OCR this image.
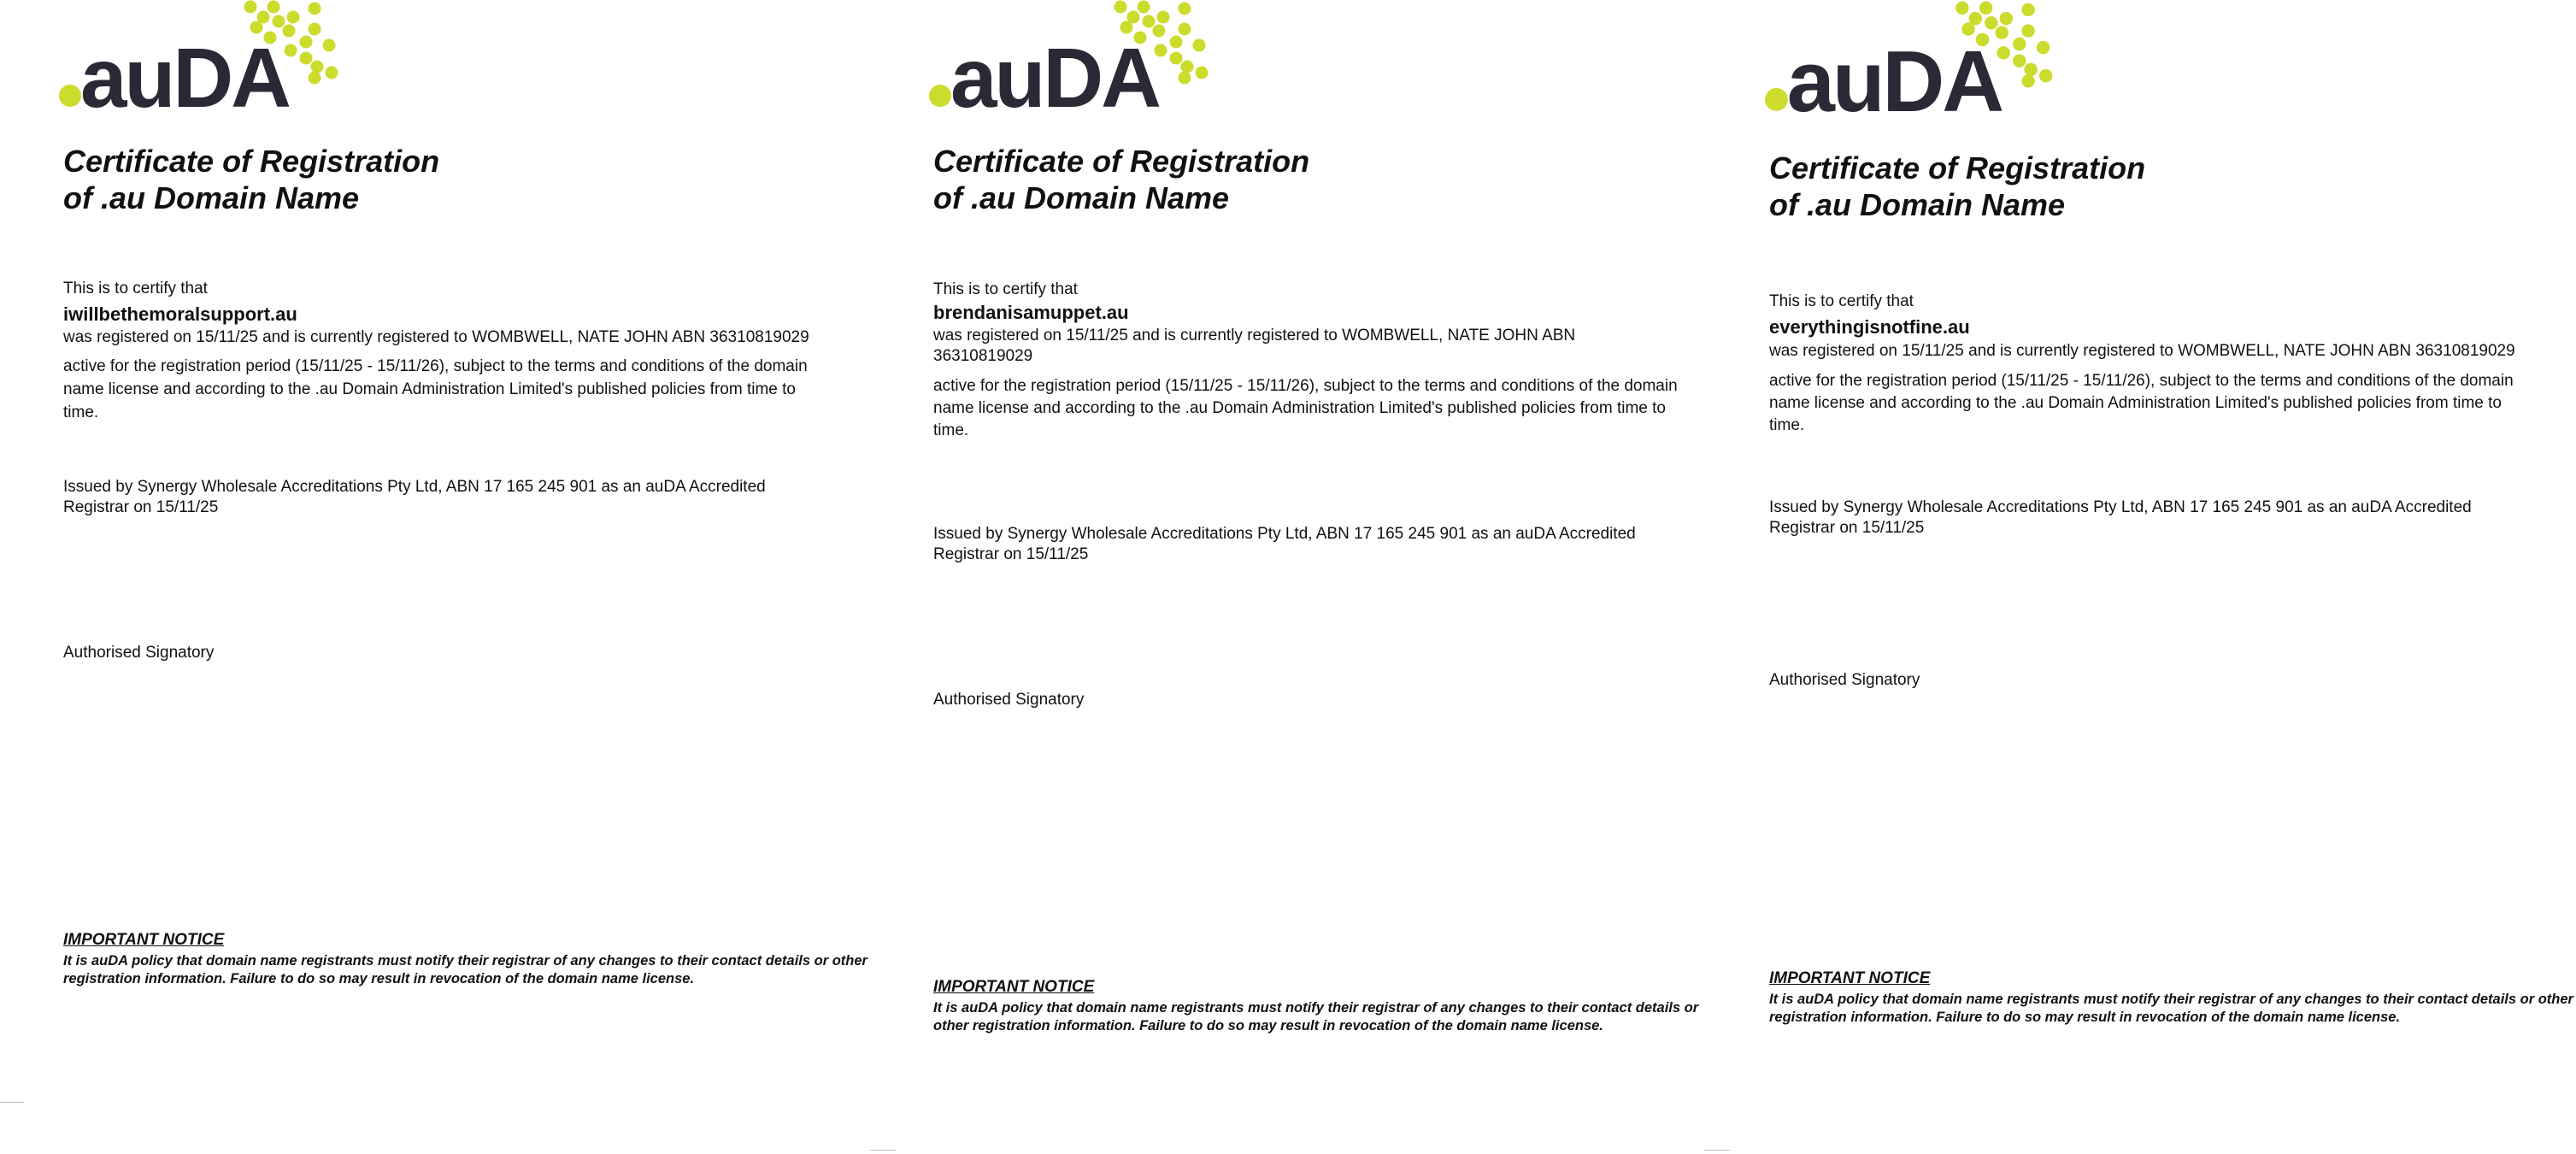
auDA
Certificate of Registration
of .au Domain Name

This is to certify that

iwillbethemoralsupport.au

was registered on 15/11/25 and is currently registered to WOMBWELL, NATE JOHN ABN 36310819029

active for the registration period (15/11/25 - 15/11/26), subject to the terms and conditions of the domain name license and according to the .au Domain Administration Limited's published policies from time to time.

Issued by Synergy Wholesale Accreditations Pty Ltd, ABN 17 165 245 901 as an auDA Accredited Registrar on 15/11/25

Authorised Signatory

IMPORTANT NOTICE

It is auDA policy that domain name registrants must notify their registrar of any changes to their contact details or other registration information. Failure to do so may result in revocation of the domain name license.

auDA
Certificate of Registration
of .au Domain Name

This is to certify that

brendanisamuppet.au

was registered on 15/11/25 and is currently registered to WOMBWELL, NATE JOHN ABN 36310819029

active for the registration period (15/11/25 - 15/11/26), subject to the terms and conditions of the domain name license and according to the .au Domain Administration Limited's published policies from time to time.

Issued by Synergy Wholesale Accreditations Pty Ltd, ABN 17 165 245 901 as an auDA Accredited Registrar on 15/11/25

Authorised Signatory

IMPORTANT NOTICE

It is auDA policy that domain name registrants must notify their registrar of any changes to their contact details or other registration information. Failure to do so may result in revocation of the domain name license.

auDA
Certificate of Registration
of .au Domain Name

This is to certify that

everythingisnotfine.au

was registered on 15/11/25 and is currently registered to WOMBWELL, NATE JOHN ABN 36310819029

active for the registration period (15/11/25 - 15/11/26), subject to the terms and conditions of the domain name license and according to the .au Domain Administration Limited's published policies from time to time.

Issued by Synergy Wholesale Accreditations Pty Ltd, ABN 17 165 245 901 as an auDA Accredited Registrar on 15/11/25

Authorised Signatory

IMPORTANT NOTICE

It is auDA policy that domain name registrants must notify their registrar of any changes to their contact details or other registration information. Failure to do so may result in revocation of the domain name license.
